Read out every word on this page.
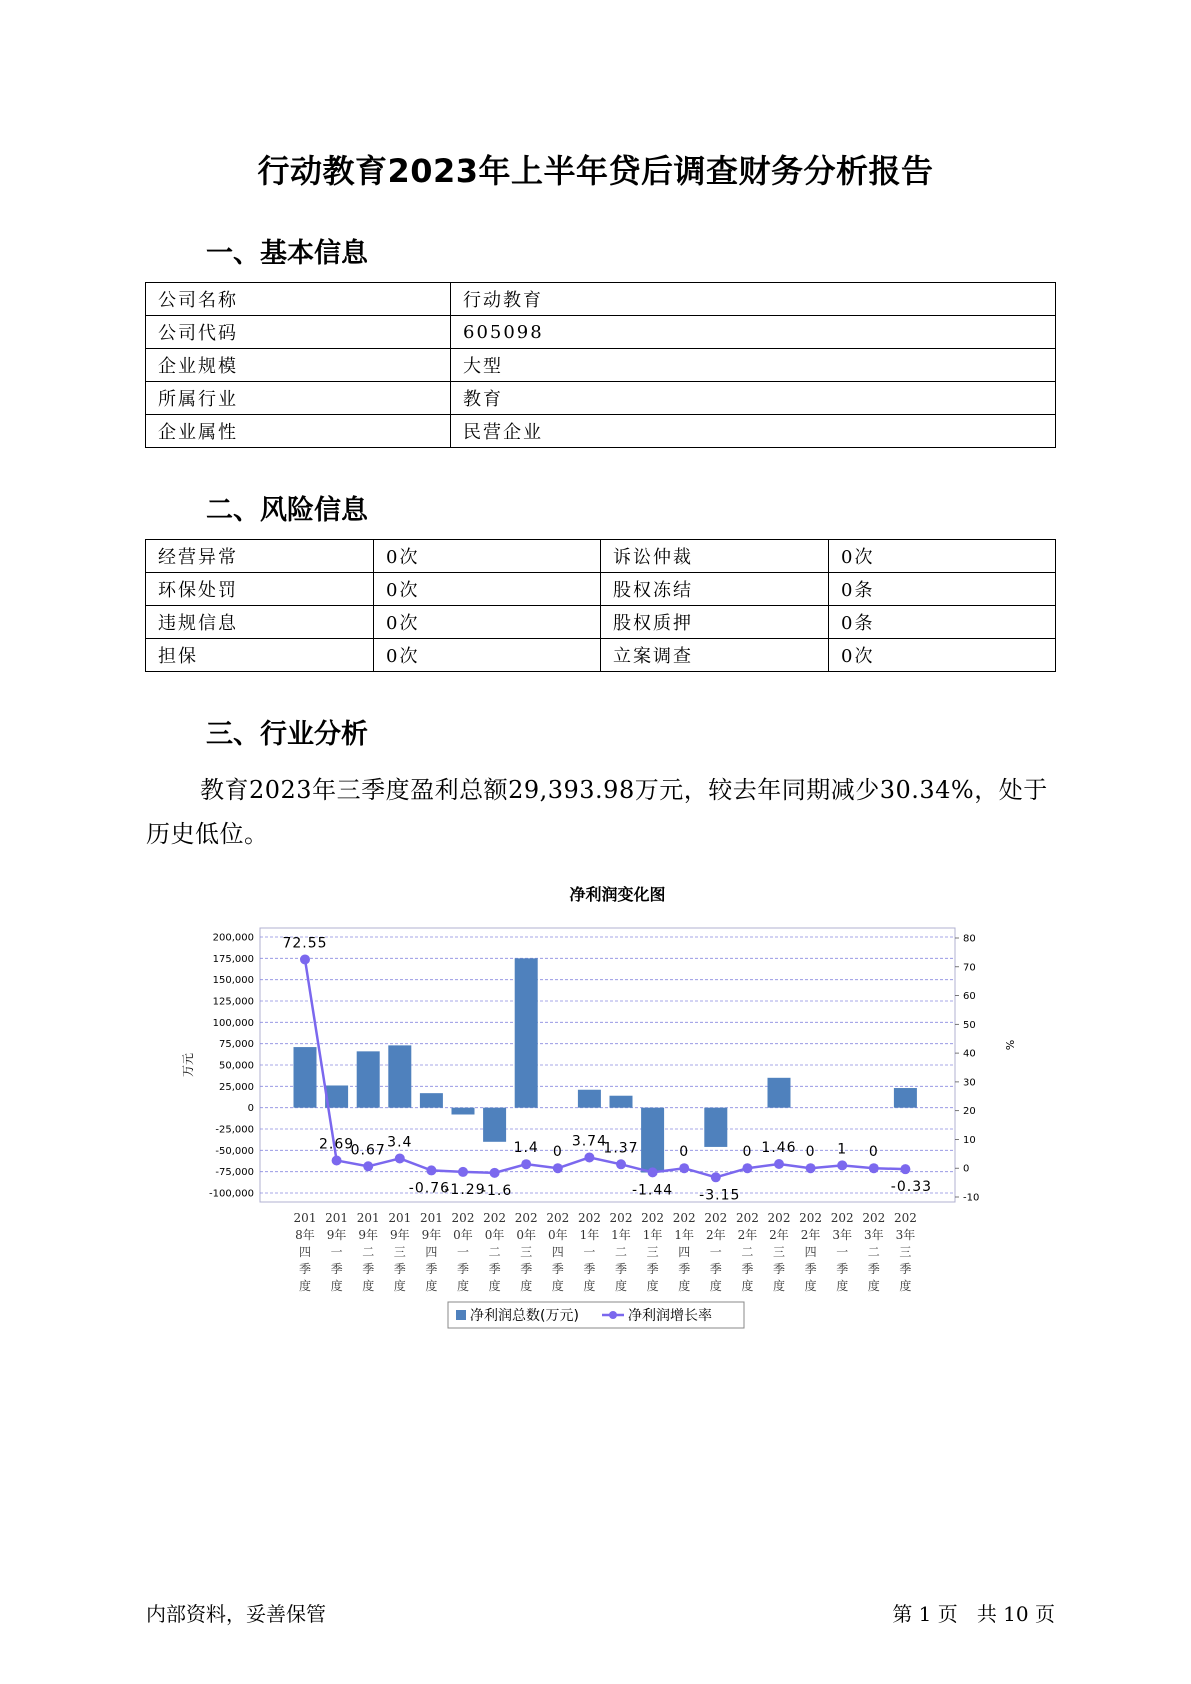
行动教育2023年上半年贷后调查财务分析报告
一、基本信息
公司名称	行动教育
公司代码	605098
企业规模	大型
所属行业	教育
企业属性	民营企业
二、风险信息
经营异常	0次	诉讼仲裁	0次
环保处罚	0次	股权冻结	0条
违规信息	0次	股权质押	0条
担保	0次	立案调查	0次
三、行业分析
教育2023年三季度盈利总额29,393.98万元，较去年同期减少30.34%，处于历史低位。
净利润变化图
200,000
175,000
150,000
125,000
100,000
75,000
50,000
25,000
0
-25,000
-50,000
-75,000
-100,000
80
70
60
50
40
30
20
10
0
-10
万元
%
72.55
2.69
0.67 3.4
-0.76
-1.29
-1.6
1.4 0
3.74
1.37
-1.44
0
-3.15
0 1.46 0 1 0
-0.33
201 8年四季度
201 9年一季度
201 9年二季度
201 9年三季度
201 9年四季度
202 0年一季度
202 0年二季度
202 0年三季度
202 0年四季度
202 1年一季度
202 1年二季度
202 1年三季度
202 1年四季度
202 2年一季度
202 2年二季度
202 2年三季度
202 2年四季度
202 3年一季度
202 3年二季度
202 3年三季度
净利润总数(万元)	净利润增长率
内部资料，妥善保管	第 1 页   共 10 页
